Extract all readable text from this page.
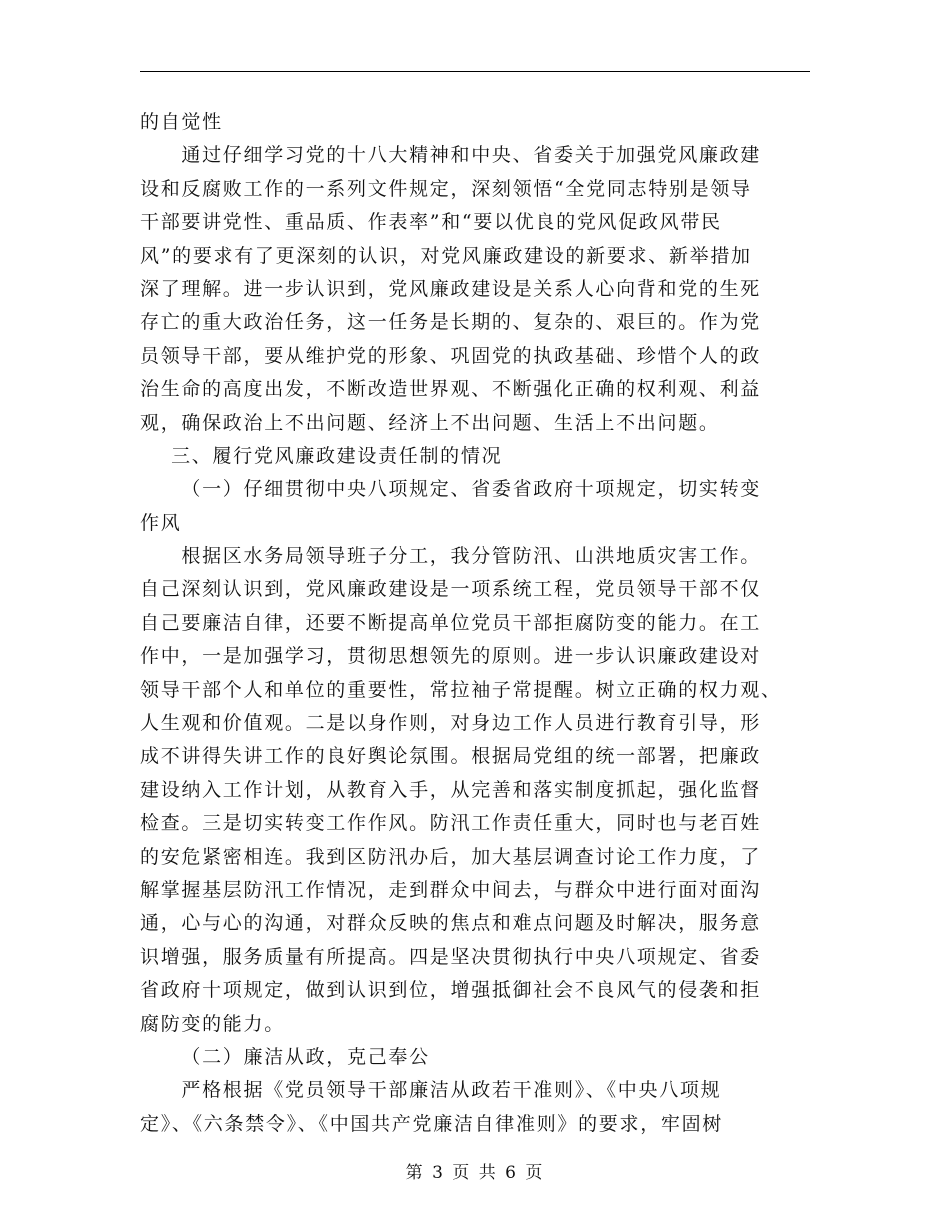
的自觉性
通过仔细学习党的十八大精神和中央、省委关于加强党风廉政建
设和反腐败工作的一系列文件规定，深刻领悟“全党同志特别是领导
干部要讲党性、重品质、作表率”和“要以优良的党风促政风带民
风”的要求有了更深刻的认识，对党风廉政建设的新要求、新举措加
深了理解。进一步认识到，党风廉政建设是关系人心向背和党的生死
存亡的重大政治任务，这一任务是长期的、复杂的、艰巨的。作为党
员领导干部，要从维护党的形象、巩固党的执政基础、珍惜个人的政
治生命的高度出发，不断改造世界观、不断强化正确的权利观、利益
观，确保政治上不出问题、经济上不出问题、生活上不出问题。
三、履行党风廉政建设责任制的情况
（一）仔细贯彻中央八项规定、省委省政府十项规定，切实转变
作风
根据区水务局领导班子分工，我分管防汛、山洪地质灾害工作。
自己深刻认识到，党风廉政建设是一项系统工程，党员领导干部不仅
自己要廉洁自律，还要不断提高单位党员干部拒腐防变的能力。在工
作中，一是加强学习，贯彻思想领先的原则。进一步认识廉政建设对
领导干部个人和单位的重要性，常拉袖子常提醒。树立正确的权力观、
人生观和价值观。二是以身作则，对身边工作人员进行教育引导，形
成不讲得失讲工作的良好舆论氛围。根据局党组的统一部署，把廉政
建设纳入工作计划，从教育入手，从完善和落实制度抓起，强化监督
检查。三是切实转变工作作风。防汛工作责任重大，同时也与老百姓
的安危紧密相连。我到区防汛办后，加大基层调查讨论工作力度，了
解掌握基层防汛工作情况，走到群众中间去，与群众中进行面对面沟
通，心与心的沟通，对群众反映的焦点和难点问题及时解决，服务意
识增强，服务质量有所提高。四是坚决贯彻执行中央八项规定、省委
省政府十项规定，做到认识到位，增强抵御社会不良风气的侵袭和拒
腐防变的能力。
（二）廉洁从政，克己奉公
严格根据《党员领导干部廉洁从政若干准则》、《中央八项规
定》、《六条禁令》、《中国共产党廉洁自律准则》的要求，牢固树
第 3 页 共 6 页
